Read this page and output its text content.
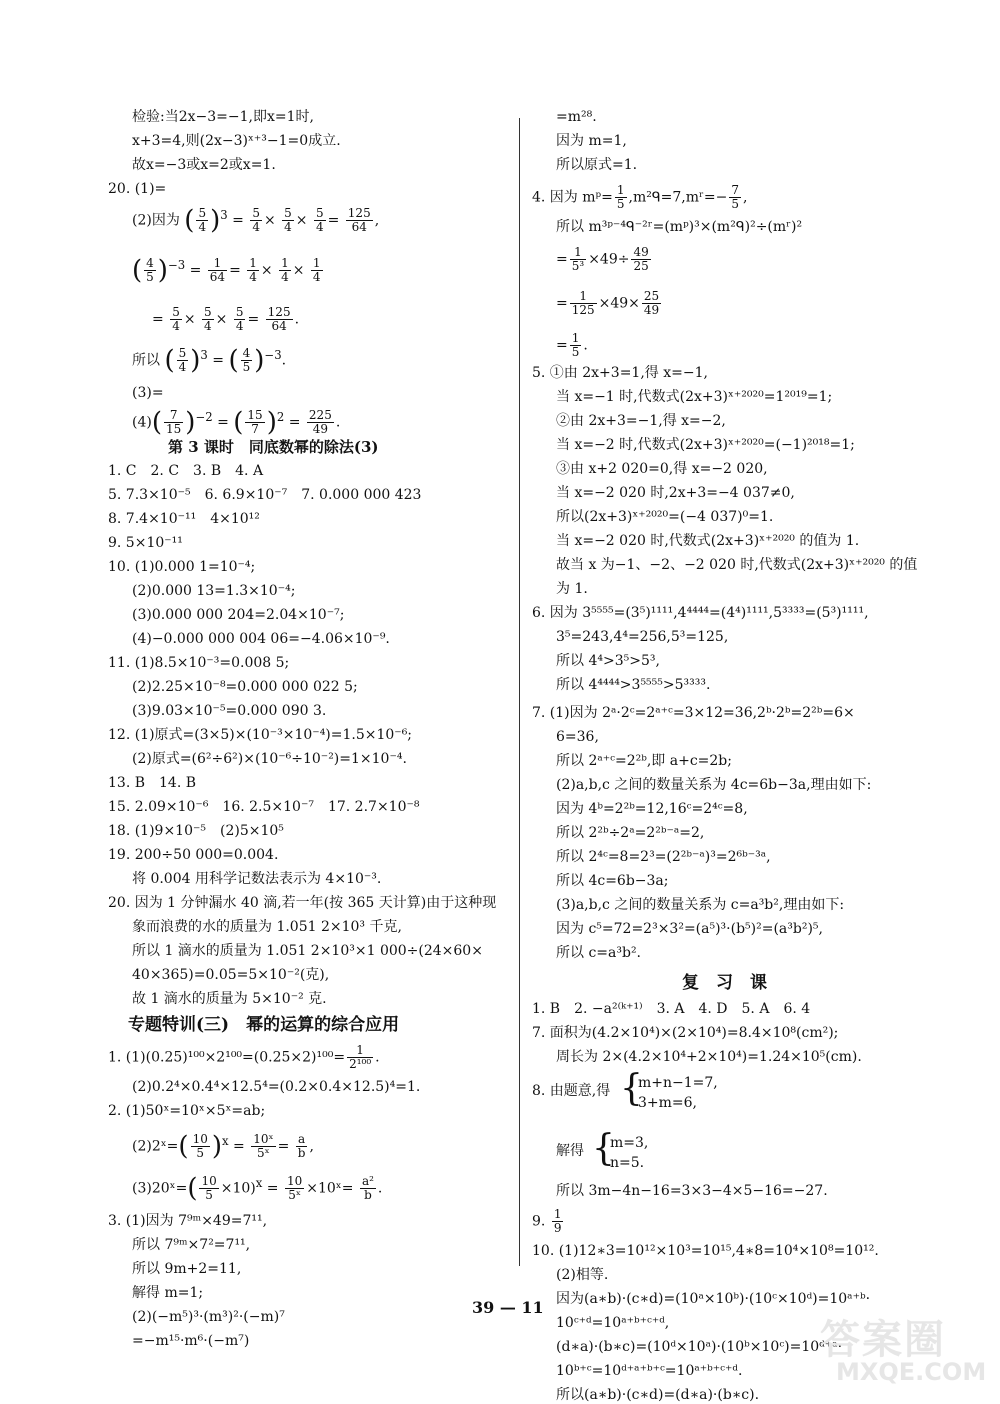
检验:当2x−3=−1,即x=1时,
x+3=4,则(2x−3)ˣ⁺³−1=0成立.
故x=−3或x=2或x=1.
20. (1)=
(2)因为 ( $\frac{5}{4} )^3 = \frac{5}{4} \times \frac{5}{4} \times \frac{5}{4} = \frac{125}{64}$ ,
( $\frac{4}{5} )^{-3} = \frac{1}{64} = \frac{1}{4} \times \frac{1}{4} \times \frac{1}{4}$
= $\frac{5}{4} \times \frac{5}{4} \times \frac{5}{4} = \frac{125}{64}$ .
所以 ( $\frac{5}{4} )^3$ = ( $\frac{4}{5} )^{-3}$.
(3)=
$(4)( \frac{7}{15} )^{-2}$ = ( $\frac{15}{7} )^2 = \frac{225}{49}$ .
第 3 课时　同底数幂的除法(3)
1. C　2. C　3. B　4. A
5. 7.3×10⁻⁵　6. 6.9×10⁻⁷　7. 0.000 000 423
8. 7.4×10⁻¹¹　4×10¹²
9. 5×10⁻¹¹
10. (1)0.000 1=10⁻⁴;
(2)0.000 13=1.3×10⁻⁴;
(3)0.000 000 204=2.04×10⁻⁷;
(4)−0.000 000 004 06=−4.06×10⁻⁹.
11. (1)8.5×10⁻³=0.008 5;
(2)2.25×10⁻⁸=0.000 000 022 5;
(3)9.03×10⁻⁵=0.000 090 3.
12. (1)原式=(3×5)×(10⁻³×10⁻⁴)=1.5×10⁻⁶;
(2)原式=(6²÷6²)×(10⁻⁶÷10⁻²)=1×10⁻⁴.
13. B　14. B
15. 2.09×10⁻⁶　16. 2.5×10⁻⁷　17. 2.7×10⁻⁸
18. (1)9×10⁻⁵　(2)5×10⁵
19. 200÷50 000=0.004.
将 0.004 用科学记数法表示为 4×10⁻³.
20. 因为 1 分钟漏水 40 滴,若一年(按 365 天计算)由于这种现
象而浪费的水的质量为 1.051 2×10³ 千克,
所以 1 滴水的质量为 1.051 2×10³×1 000÷(24×60×
40×365)=0.05=5×10⁻²(克),
故 1 滴水的质量为 5×10⁻² 克.
专题特训(三)　幂的运算的综合应用
1. $(1)(0.25)^{100}\times 2^{100}=(0.25\times 2)^{100}= \frac{1}{\text{2¹⁰⁰}}$ .
(2)0.2⁴×0.4⁴×12.5⁴=(0.2×0.4×12.5)⁴=1.
2. (1)50ˣ=10ˣ×5ˣ=ab;
(2)2ˣ=( $\frac{10}{5} )^x = \frac{\text{10ˣ}}{\text{5ˣ}} = \frac{a}{b}$ ,
(3)20ˣ=( $\frac{10}{5} \times 10)^x = \frac{10}{\text{5ˣ}}$ ×10ˣ= $\frac{\text{a²}}{b}$ .
3. (1)因为 7⁹ᵐ×49=7¹¹,
所以 7⁹ᵐ×7²=7¹¹,
所以 9m+2=11,
解得 m=1;
(2)(−m⁵)³·(m³)²·(−m)⁷
=−m¹⁵·m⁶·(−m⁷)
=m²⁸.
因为 m=1,
所以原式=1.
4. 因为 mᵖ= $\frac{1}{5}$ ,m²ᑫ=7,mʳ=− $\frac{7}{5}$ ,
所以 m³ᵖ⁻⁴ᑫ⁻²ʳ=(mᵖ)³×(m²ᑫ)²÷(mʳ)²
= $\frac{1}{\text{5³}} \times 49\div \frac{49}{25}$
= $\frac{1}{125} \times 49\times \frac{25}{49}$
= $\frac{1}{5}$ .
5. ①由 2x+3=1,得 x=−1,
当 x=−1 时,代数式(2x+3)ˣ⁺²⁰²⁰=1²⁰¹⁹=1;
②由 2x+3=−1,得 x=−2,
当 x=−2 时,代数式(2x+3)ˣ⁺²⁰²⁰=(−1)²⁰¹⁸=1;
③由 x+2 020=0,得 x=−2 020,
当 x=−2 020 时,2x+3=−4 037≠0,
所以(2x+3)ˣ⁺²⁰²⁰=(−4 037)⁰=1.
当 x=−2 020 时,代数式(2x+3)ˣ⁺²⁰²⁰ 的值为 1.
故当 x 为−1、−2、−2 020 时,代数式(2x+3)ˣ⁺²⁰²⁰ 的值
为 1.
6. 因为 3⁵⁵⁵⁵=(3⁵)¹¹¹¹,4⁴⁴⁴⁴=(4⁴)¹¹¹¹,5³³³³=(5³)¹¹¹¹,
3⁵=243,4⁴=256,5³=125,
所以 4⁴>3⁵>5³,
所以 4⁴⁴⁴⁴>3⁵⁵⁵⁵>5³³³³.
7. (1)因为 2ᵃ·2ᶜ=2ᵃ⁺ᶜ=3×12=36,2ᵇ·2ᵇ=2²ᵇ=6×
6=36,
所以 2ᵃ⁺ᶜ=2²ᵇ,即 a+c=2b;
(2)a,b,c 之间的数量关系为 4c=6b−3a,理由如下:
因为 4ᵇ=2²ᵇ=12,16ᶜ=2⁴ᶜ=8,
所以 2²ᵇ÷2ᵃ=2²ᵇ⁻ᵃ=2,
所以 2⁴ᶜ=8=2³=(2²ᵇ⁻ᵃ)³=2⁶ᵇ⁻³ᵃ,
所以 4c=6b−3a;
(3)a,b,c 之间的数量关系为 c=a³b²,理由如下:
因为 c⁵=72=2³×3²=(a⁵)³·(b⁵)²=(a³b²)⁵,
所以 c=a³b².
复　习　课
1. B　2. −a²⁽ᵏ⁺¹⁾　3. A　4. D　5. A　6. 4
7. 面积为(4.2×10⁴)×(2×10⁴)=8.4×10⁸(cm²);
周长为 2×(4.2×10⁴+2×10⁴)=1.24×10⁵(cm).
8. 由题意,得 {
m+n−1=7,
3+m=6,
解得 {
m=3,
n=5.
所以 3m−4n−16=3×3−4×5−16=−27.
9. $\frac{1}{9}$
10. (1)12∗3=10¹²×10³=10¹⁵,4∗8=10⁴×10⁸=10¹².
(2)相等.
因为(a∗b)·(c∗d)=(10ᵃ×10ᵇ)·(10ᶜ×10ᵈ)=10ᵃ⁺ᵇ·
10ᶜ⁺ᵈ=10ᵃ⁺ᵇ⁺ᶜ⁺ᵈ,
(d∗a)·(b∗c)=(10ᵈ×10ᵃ)·(10ᵇ×10ᶜ)=10ᵈ⁺ᵃ·
10ᵇ⁺ᶜ=10ᵈ⁺ᵃ⁺ᵇ⁺ᶜ=10ᵃ⁺ᵇ⁺ᶜ⁺ᵈ.
所以(a∗b)·(c∗d)=(d∗a)·(b∗c).
39 — 11
答案圈
MXQE.COM
